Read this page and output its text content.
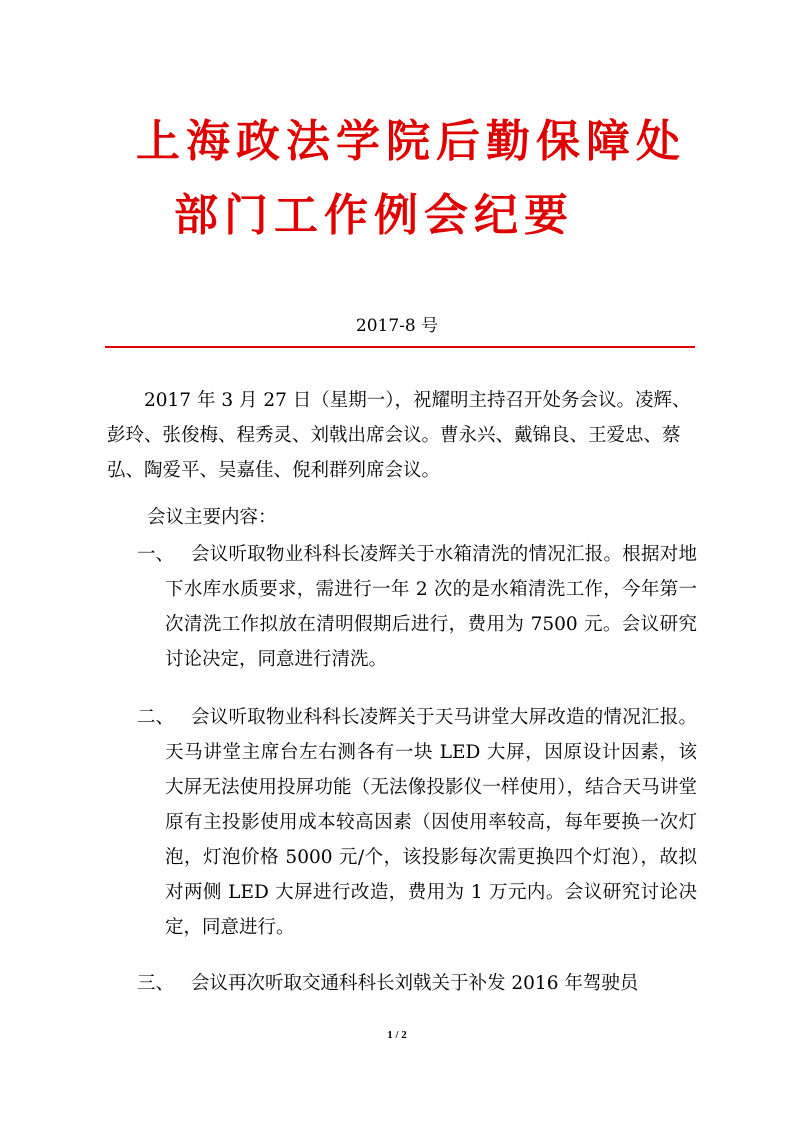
上海政法学院后勤保障处
部门工作例会纪要
2017-8 号

2017 年 3 月 27 日（星期一），祝耀明主持召开处务会议。凌辉、彭玲、张俊梅、程秀灵、刘戟出席会议。曹永兴、戴锦良、王爱忠、蔡弘、陶爱平、吴嘉佳、倪利群列席会议。

会议主要内容：

一、 会议听取物业科科长凌辉关于水箱清洗的情况汇报。根据对地下水库水质要求，需进行一年 2 次的是水箱清洗工作，今年第一次清洗工作拟放在清明假期后进行，费用为 7500 元。会议研究讨论决定，同意进行清洗。
二、 会议听取物业科科长凌辉关于天马讲堂大屏改造的情况汇报。天马讲堂主席台左右测各有一块 LED 大屏，因原设计因素，该大屏无法使用投屏功能（无法像投影仪一样使用），结合天马讲堂原有主投影使用成本较高因素（因使用率较高，每年要换一次灯泡，灯泡价格 5000 元/个，该投影每次需更换四个灯泡），故拟对两侧 LED 大屏进行改造，费用为 1 万元内。会议研究讨论决定，同意进行。
三、 会议再次听取交通科科长刘戟关于补发 2016 年驾驶员
1 / 2
